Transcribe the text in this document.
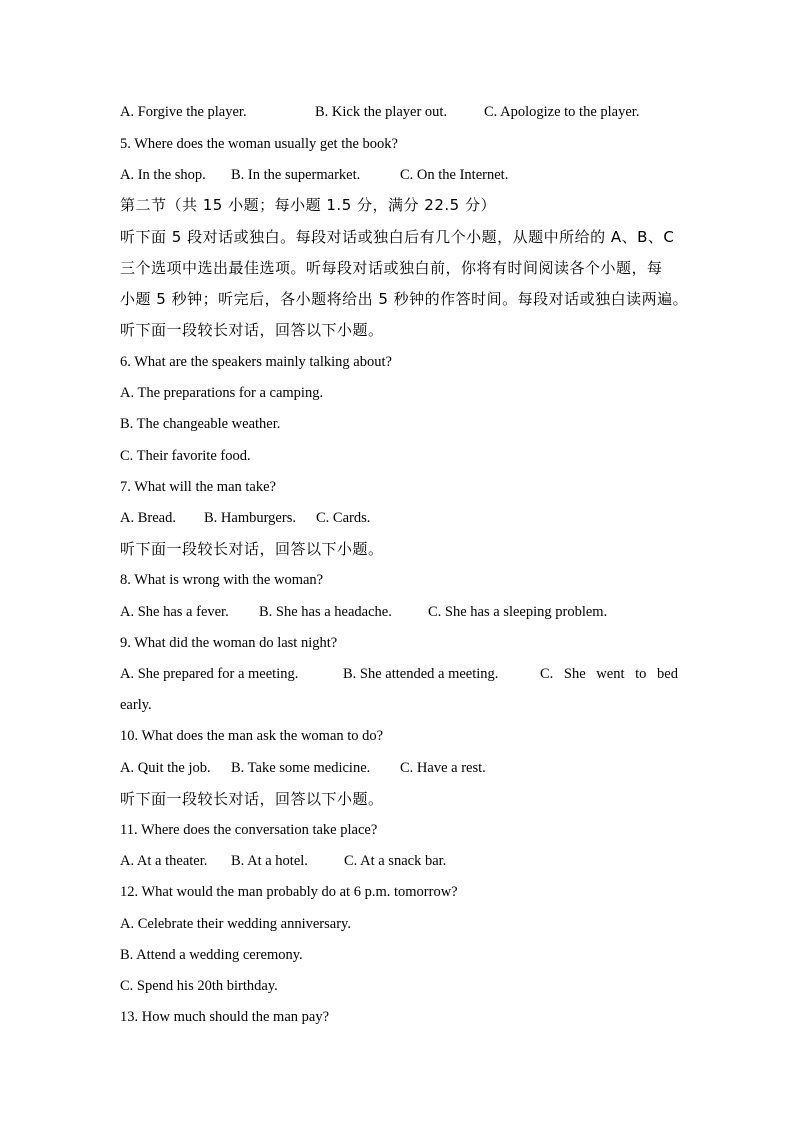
A. Forgive the player.	B. Kick the player out.	C. Apologize to the player.
5. Where does the woman usually get the book?
A. In the shop. B. In the supermarket.	C. On the Internet.
第二节（共 15 小题；每小题 1.5 分，满分 22.5 分）
听下面 5 段对话或独白。每段对话或独白后有几个小题，从题中所给的 A、B、C
三个选项中选出最佳选项。听每段对话或独白前，你将有时间阅读各个小题，每
小题 5 秒钟；听完后，各小题将给出 5 秒钟的作答时间。每段对话或独白读两遍。
听下面一段较长对话，回答以下小题。
6. What are the speakers mainly talking about?
A. The preparations for a camping.
B. The changeable weather.
C. Their favorite food.
7. What will the man take?
A. Bread. B. Hamburgers. C. Cards.
听下面一段较长对话，回答以下小题。
8. What is wrong with the woman?
A. She has a fever. B. She has a headache. C. She has a sleeping problem.
9. What did the woman do last night?
A. She prepared for a meeting.	B. She attended a meeting.	C. She went to bed
early.
10. What does the man ask the woman to do?
A. Quit the job. B. Take some medicine. C. Have a rest.
听下面一段较长对话，回答以下小题。
11. Where does the conversation take place?
A. At a theater. B. At a hotel. C. At a snack bar.
12. What would the man probably do at 6 p.m. tomorrow?
A. Celebrate their wedding anniversary.
B. Attend a wedding ceremony.
C. Spend his 20th birthday.
13. How much should the man pay?
